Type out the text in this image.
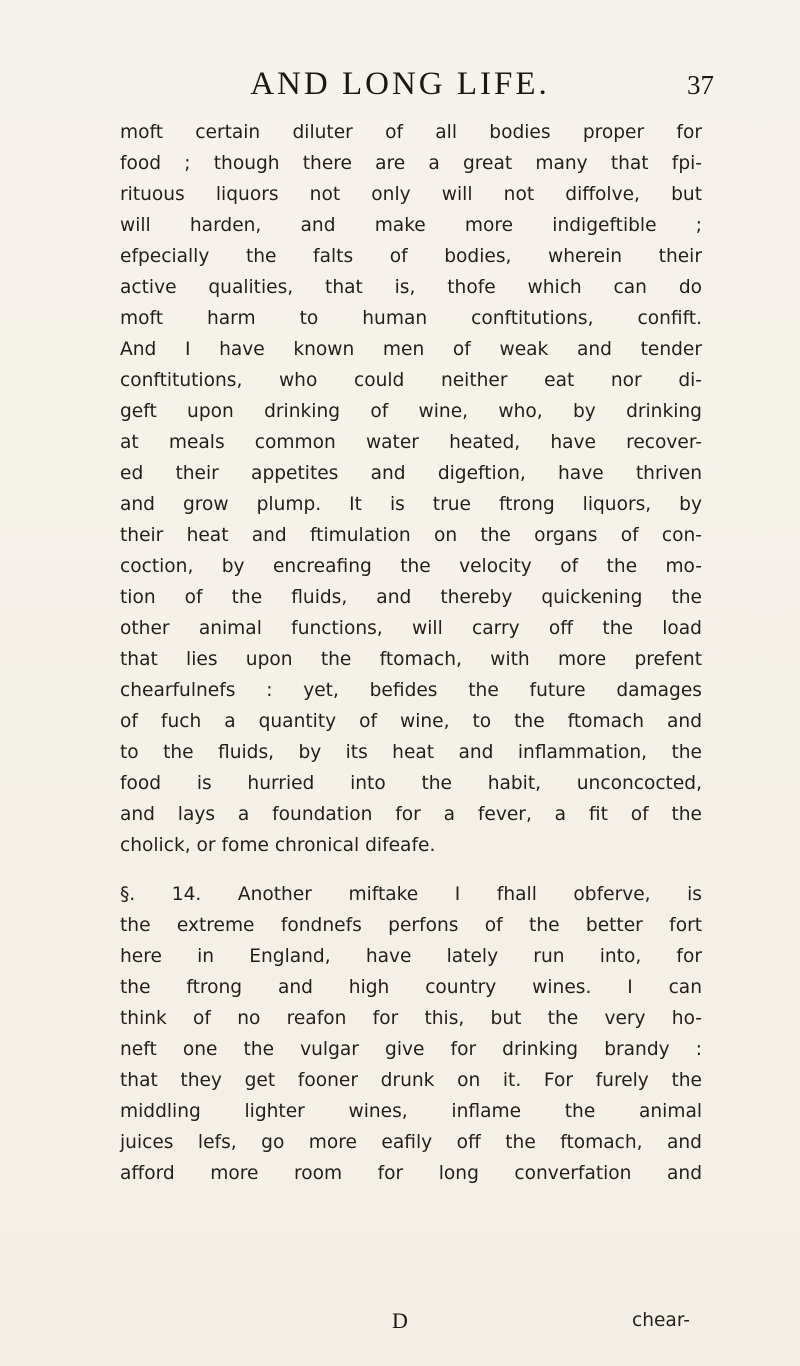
AND LONG LIFE.	37
moft certain diluter of all bodies proper for
food ; though there are a great many that fpi-
rituous liquors not only will not diffolve, but
will harden, and make more indigeftible ;
efpecially the falts of bodies, wherein their
active qualities, that is, thofe which can do
moft harm to human conftitutions, confift.
And I have known men of weak and tender
conftitutions, who could neither eat nor di-
geft upon drinking of wine, who, by drinking
at meals common water heated, have recover-
ed their appetites and digeftion, have thriven
and grow plump. It is true ftrong liquors, by
their heat and ftimulation on the organs of con-
coction, by encreafing the velocity of the mo-
tion of the fluids, and thereby quickening the
other animal functions, will carry off the load
that lies upon the ftomach, with more prefent
chearfulnefs : yet, befides the future damages
of fuch a quantity of wine, to the ftomach and
to the fluids, by its heat and inflammation, the
food is hurried into the habit, unconcocted,
and lays a foundation for a fever, a fit of the
cholick, or fome chronical difeafe.
§. 14. Another miftake I fhall obferve, is
the extreme fondnefs perfons of the better fort
here in England, have lately run into, for
the ftrong and high country wines. I can
think of no reafon for this, but the very ho-
neft one the vulgar give for drinking brandy :
that they get fooner drunk on it. For furely the
middling lighter wines, inflame the animal
juices lefs, go more eafily off the ftomach, and
afford more room for long converfation and
D	chear-
